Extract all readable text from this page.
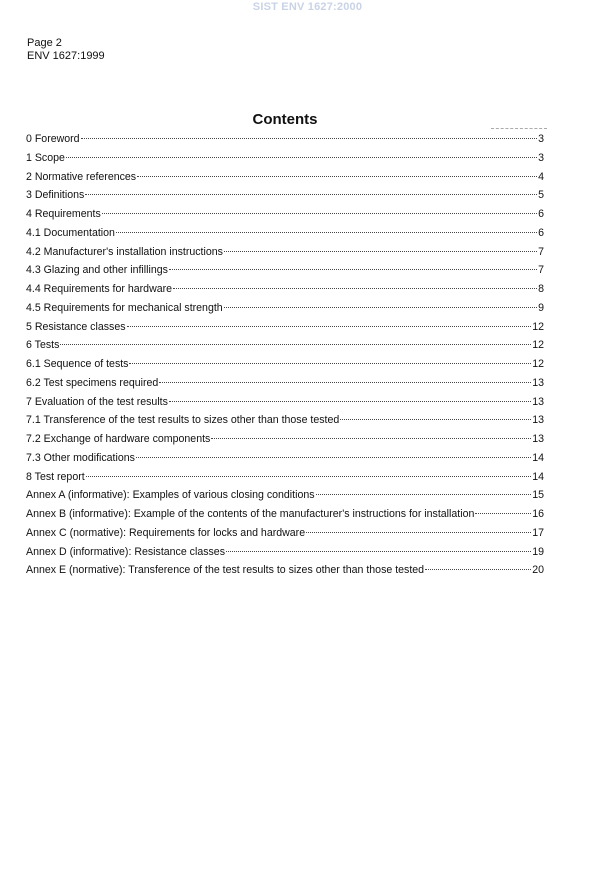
SIST ENV 1627:2000
Page 2
ENV 1627:1999
Contents
0 Foreword	3
1 Scope	3
2 Normative references	4
3 Definitions	5
4 Requirements	6
4.1 Documentation	6
4.2 Manufacturer's installation instructions	7
4.3 Glazing and other infillings	7
4.4 Requirements for hardware	8
4.5 Requirements for mechanical strength	9
5 Resistance classes	12
6 Tests	12
6.1 Sequence of tests	12
6.2 Test specimens required	13
7 Evaluation of the test results	13
7.1 Transference of the test results to sizes other than those tested	13
7.2 Exchange of hardware components	13
7.3 Other modifications	14
8 Test report	14
Annex A (informative): Examples of various closing conditions	15
Annex B (informative): Example of the contents of the manufacturer's instructions for installation	16
Annex C (normative): Requirements for locks and hardware	17
Annex D (informative): Resistance classes	19
Annex E (normative): Transference of the test results to sizes other than those tested	20
